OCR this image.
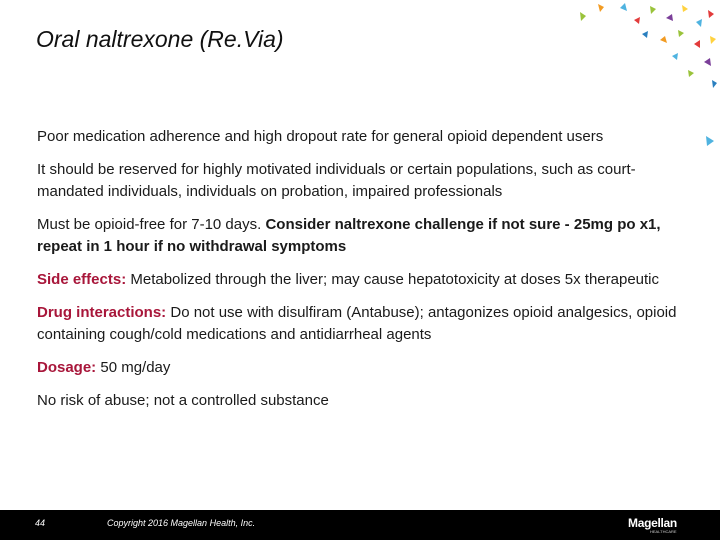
Oral naltrexone (Re.Via)

Poor medication adherence and high dropout rate for general opioid dependent users

It should be reserved for highly motivated individuals or certain populations, such as court-mandated individuals, individuals on probation, impaired professionals

Must be opioid-free for 7-10 days. Consider naltrexone challenge if not sure - 25mg po x1, repeat in 1 hour if no withdrawal symptoms

Side effects: Metabolized through the liver; may cause hepatotoxicity at doses 5x therapeutic

Drug interactions: Do not use with disulfiram (Antabuse); antagonizes opioid analgesics, opioid containing cough/cold medications and antidiarrheal agents

Dosage: 50 mg/day

No risk of abuse; not a controlled substance

44	Copyright 2016 Magellan Health, Inc.	Magellan
HEALTHCARE
